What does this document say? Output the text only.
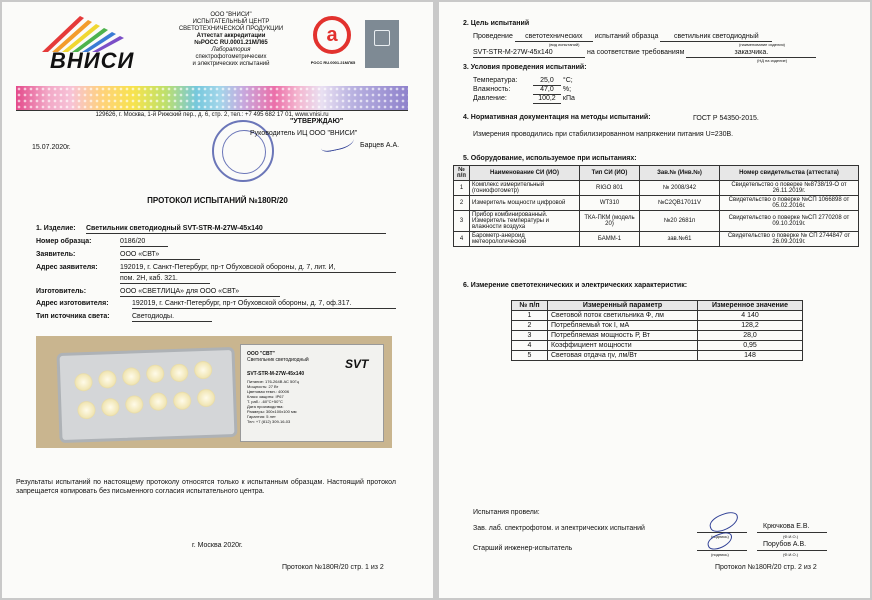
ВНИСИ
ООО "ВНИСИ"
ИСПЫТАТЕЛЬНЫЙ ЦЕНТР
СВЕТОТЕХНИЧЕСКОЙ ПРОДУКЦИИ
Аттестат аккредитации
№РОСС RU.0001.21МЛ65
Лаборатория
спектрофотометрических
и электрических испытаний
a
РОСС RU.0001.21МЛ65
129626, г. Москва, 1-й Рижский пер., д. 6, стр. 2, тел.: +7 495 682 17 01, www.vnisi.ru
"УТВЕРЖДАЮ"
Руководитель ИЦ ООО "ВНИСИ"
Барцев А.А.
15.07.2020г.
ПРОТОКОЛ ИСПЫТАНИЙ №180R/20
1. Изделие: Светильник светодиодный SVT-STR-M-27W-45x140
Номер образца:	0186/20
Заявитель:	ООО «СВТ»
Адрес заявителя:	192019, г. Санкт-Петербург, пр-т Обуховской обороны, д. 7, лит. И,
пом. 2Н, каб. 321.
Изготовитель:	ООО «СВЕТЛИЦА» для ООО «СВТ»
Адрес изготовителя:	192019, г. Санкт-Петербург, пр-т Обуховской обороны, д. 7, оф.317.
Тип источника света:	Светодиоды.
ООО "СВТ"
Светильник светодиодный
SVT-STR-M-27W-45x140
Питание: 176-264В АС 50Гц
Мощность: 27 Вт
Цветовая темп.: 4000К
Класс защиты: IP67
Т. раб.: -60°С+50°С
Дата производства:
Размеры: 300х100х100 мм
Гарантия: 5 лет
Тел: +7 (812) 309-16-03
SVT
Результаты испытаний по настоящему протоколу относятся только к испытанным образцам. Настоящий протокол запрещается копировать без письменного согласия испытательного центра.
г. Москва 2020г.
Протокол №180R/20 стр. 1 из 2
2. Цель испытаний
Проведение светотехнических испытаний образца светильник светодиодный
(вид испытаний)	(наименование изделия)
SVT-STR-M-27W-45x140	на соответствие требованиям	заказчика.
(НД на изделие)
3. Условия проведения испытаний:
Температура:	25,0 °С;
Влажность:	47,0 %;
Давление:	100,2 кПа
4. Нормативная документация на методы испытаний:	ГОСТ Р 54350-2015.
Измерения проводились при стабилизированном напряжении питания U=230В.
5. Оборудование, используемое при испытаниях:
№ п/п	Наименование СИ (ИО)	Тип СИ (ИО)	Зав.№ (Инв.№)	Номер свидетельства (аттестата)
1	Комплекс измерительный (гониофотометр)	RIGO 801	№ 2008/342	Свидетельство о поверке №8738/19-О от 26.11.2019г.
2	Измеритель мощности цифровой	WT310	№C2QB17011V	Свидетельство о поверке №СП 1066898 от 05.02.2016г.
3	Прибор комбинированный. Измеритель температуры и влажности воздуха	ТКА-ПКМ (модель 20)	№20 2681п	Свидетельство о поверке №СП 2770208 от 09.10.2019г.
4	Барометр-анероид метеорологический	БАММ-1	зав.№61	Свидетельство о поверке № СП 2744847 от 26.09.2019г.
6. Измерение светотехнических и электрических характеристик:
№ п/п	Измеренный параметр	Измеренное значение
1	Световой поток светильника Ф, лм	4 140
2	Потребляемый ток I, мА	128,2
3	Потребляемая мощность Р, Вт	28,0
4	Коэффициент мощности	0,95
5	Световая отдача ηv, лм/Вт	148
Испытания провели:
Зав. лаб. спектрофотом. и электрических испытаний
(подпись)
Крючкова Е.В.
(Ф.И.О.)
Старший инженер-испытатель
(подпись)
Порубов А.В.
(Ф.И.О.)
Протокол №180R/20 стр. 2 из 2
